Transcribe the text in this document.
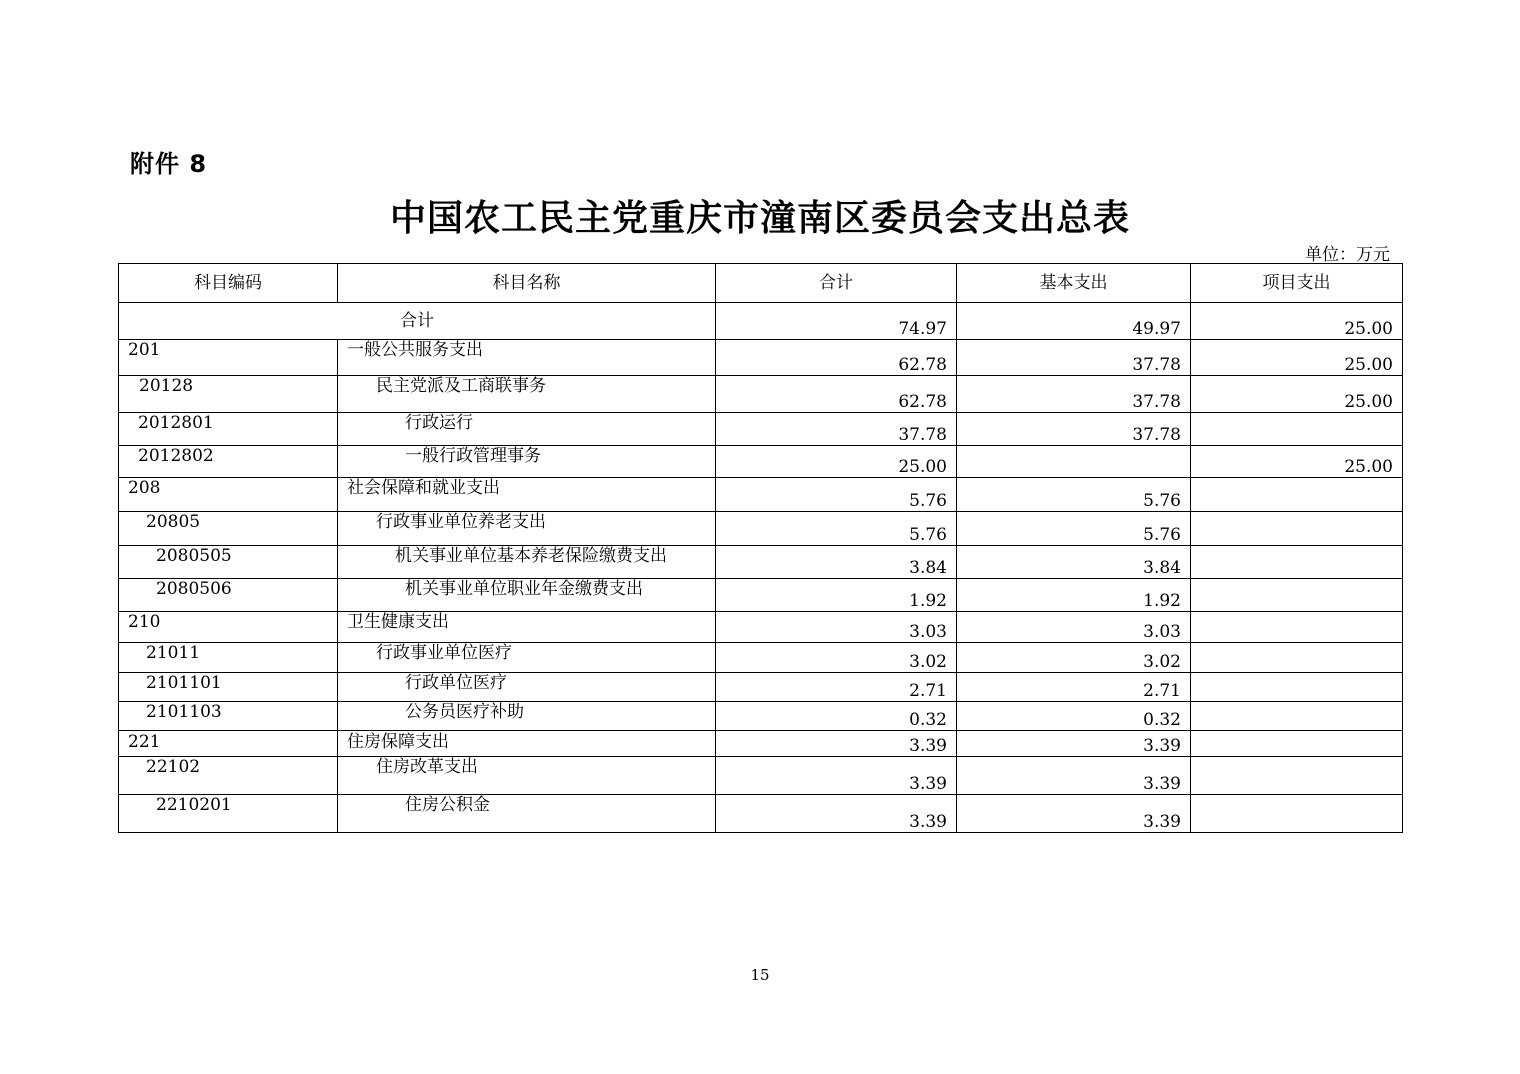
附件 8
中国农工民主党重庆市潼南区委员会支出总表
单位：万元
科目编码	科目名称	合计	基本支出	项目支出
合计		74.97	49.97	25.00
201	一般公共服务支出	62.78	37.78	25.00
20128	民主党派及工商联事务	62.78	37.78	25.00
2012801	行政运行	37.78	37.78	
2012802	一般行政管理事务	25.00		25.00
208	社会保障和就业支出	5.76	5.76	
20805	行政事业单位养老支出	5.76	5.76	
2080505	机关事业单位基本养老保险缴费支出	3.84	3.84	
2080506	机关事业单位职业年金缴费支出	1.92	1.92	
210	卫生健康支出	3.03	3.03	
21011	行政事业单位医疗	3.02	3.02	
2101101	行政单位医疗	2.71	2.71	
2101103	公务员医疗补助	0.32	0.32	
221	住房保障支出	3.39	3.39	
22102	住房改革支出	3.39	3.39	
2210201	住房公积金	3.39	3.39	
15
